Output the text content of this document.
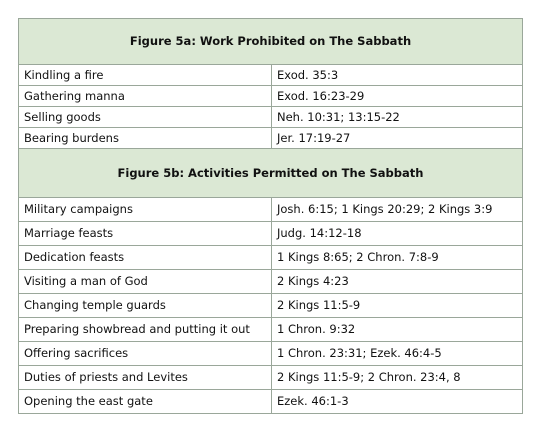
Figure 5a: Work Prohibited on The Sabbath	
Kindling a fire	Exod. 35:3
Gathering manna	Exod. 16:23-29
Selling goods	Neh. 10:31; 13:15-22
Bearing burdens	Jer. 17:19-27
Figure 5b: Activities Permitted on The Sabbath	
Military campaigns	Josh. 6:15; 1 Kings 20:29; 2 Kings 3:9
Marriage feasts	Judg. 14:12-18
Dedication feasts	1 Kings 8:65; 2 Chron. 7:8-9
Visiting a man of God	2 Kings 4:23
Changing temple guards	2 Kings 11:5-9
Preparing showbread and putting it out	1 Chron. 9:32
Offering sacrifices	1 Chron. 23:31; Ezek. 46:4-5
Duties of priests and Levites	2 Kings 11:5-9; 2 Chron. 23:4, 8
Opening the east gate	Ezek. 46:1-3
